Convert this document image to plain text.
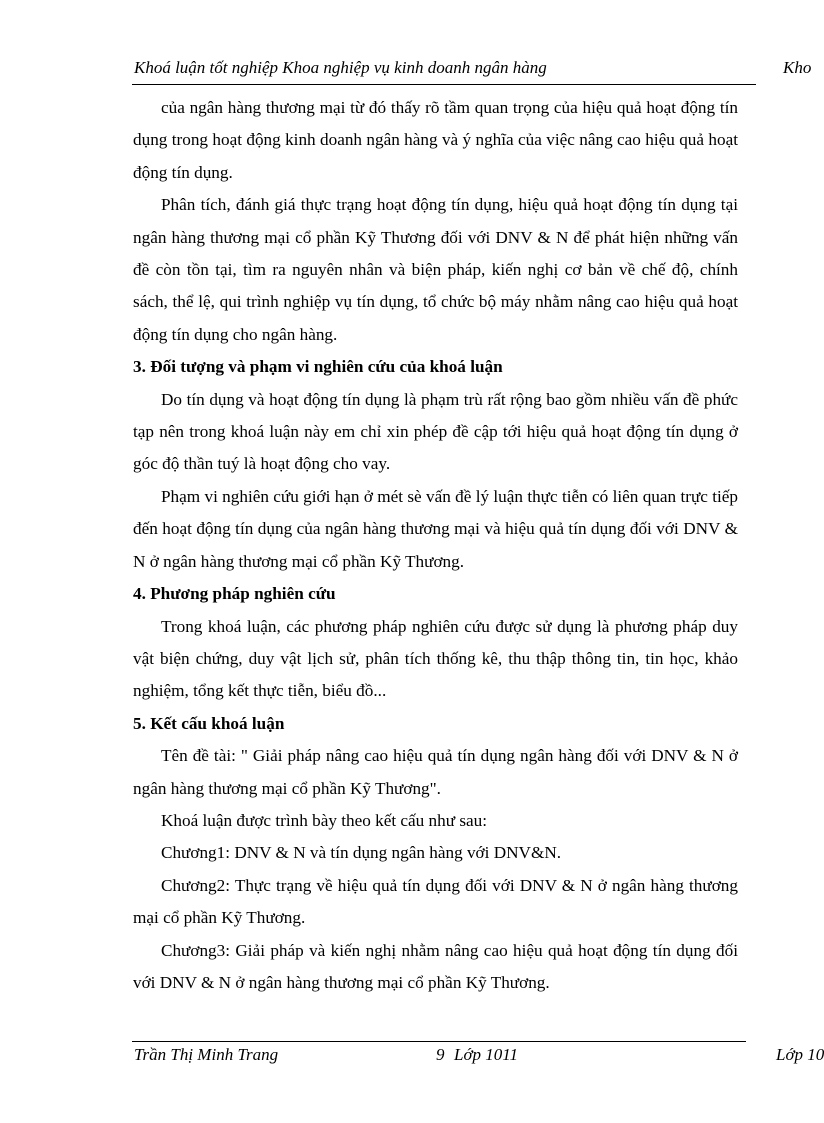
Khoá luận tốt nghiệp Khoa nghiệp vụ kinh doanh ngân hàng	Kho

của ngân hàng thương mại từ đó thấy rõ tầm quan trọng của hiệu quả hoạt động tín dụng trong hoạt động kinh doanh ngân hàng và ý nghĩa của việc nâng cao hiệu quả hoạt động tín dụng.

Phân tích, đánh giá thực trạng hoạt động tín dụng, hiệu quả hoạt động tín dụng tại ngân hàng thương mại cổ phần Kỹ Thương đối với DNV & N để phát hiện những vấn đề còn tồn tại, tìm ra nguyên nhân và biện pháp, kiến nghị cơ bản về chế độ, chính sách, thể lệ, qui trình nghiệp vụ tín dụng, tổ chức bộ máy nhằm nâng cao hiệu quả hoạt động tín dụng cho ngân hàng.

3. Đối tượng và phạm vi nghiên cứu của khoá luận

Do tín dụng và hoạt động tín dụng là phạm trù rất rộng bao gồm nhiều vấn đề phức tạp nên trong khoá luận này em chỉ xin phép đề cập tới hiệu quả hoạt động tín dụng ở góc độ thần tuý là hoạt động cho vay.

Phạm vi nghiên cứu giới hạn ở mét sè vấn đề lý luận thực tiễn có liên quan trực tiếp đến hoạt động tín dụng của ngân hàng thương mại và hiệu quả tín dụng đối với DNV & N ở ngân hàng thương mại cổ phần Kỹ Thương.

4. Phương pháp nghiên cứu

Trong khoá luận, các phương pháp nghiên cứu được sử dụng là phương pháp duy vật biện chứng, duy vật lịch sử, phân tích thống kê, thu thập thông tin, tin học, khảo nghiệm, tổng kết thực tiễn, biểu đồ...

5. Kết cấu khoá luận

Tên đề tài: " Giải pháp nâng cao hiệu quả tín dụng ngân hàng đối với DNV & N ở ngân hàng thương mại cổ phần Kỹ Thương".

Khoá luận được trình bày theo kết cấu như sau:

Chương1: DNV & N và tín dụng ngân hàng với DNV&N.

Chương2: Thực trạng về hiệu quả tín dụng đối với DNV & N ở ngân hàng thương mại cổ phần Kỹ Thương.

Chương3: Giải pháp và kiến nghị nhằm nâng cao hiệu quả hoạt động tín dụng đối với DNV & N ở ngân hàng thương mại cổ phần Kỹ Thương.

Trần Thị Minh Trang	9 Lớp 1011	Lớp 10
